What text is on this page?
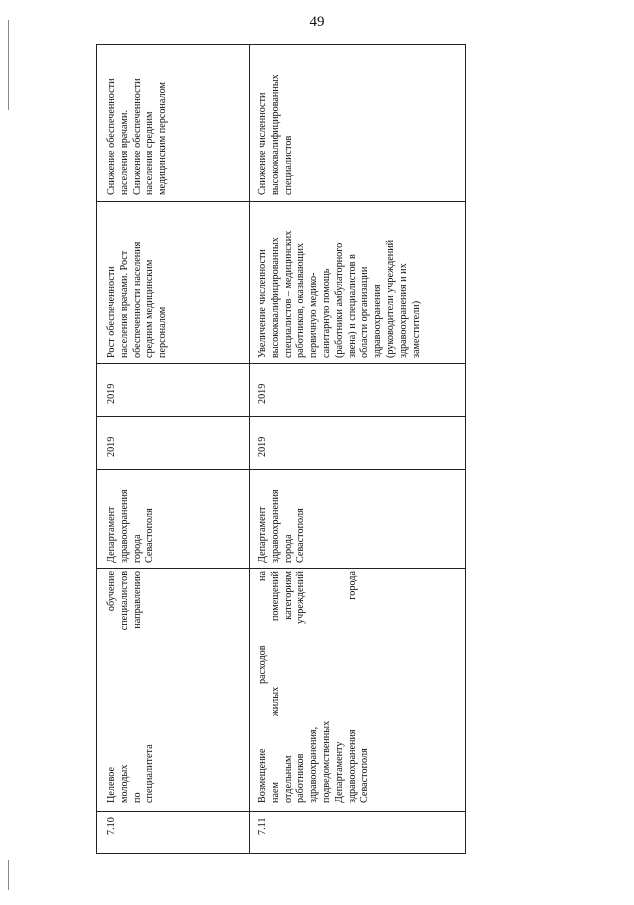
49
7.10
Целевое обучение молодых специалистов по направлению специалитета
Департамент здравоохранения города Севастополя
2019
2019
Рост обеспеченности населения врачами. Рост обеспеченности населения средним медицинским персоналом
Снижение обеспеченности населения врачами. Снижение обеспеченности населения средним медицинским персоналом
7.11
Возмещение расходов на наем жилых помещений отдельным категориям работников учреждений здравоохранения, подведомственных Департаменту здравоохранения города Севастополя
Департамент здравоохранения города Севастополя
2019
2019
Увеличение численности высококвалифицированных специалистов – медицинских работников, оказывающих первичную медико- санитарную помощь (работники амбулаторного звена) и специалистов в области организации здравоохранения (руководители учреждений здравоохранения и их заместители)
Снижение численности высококвалифицированных специалистов
